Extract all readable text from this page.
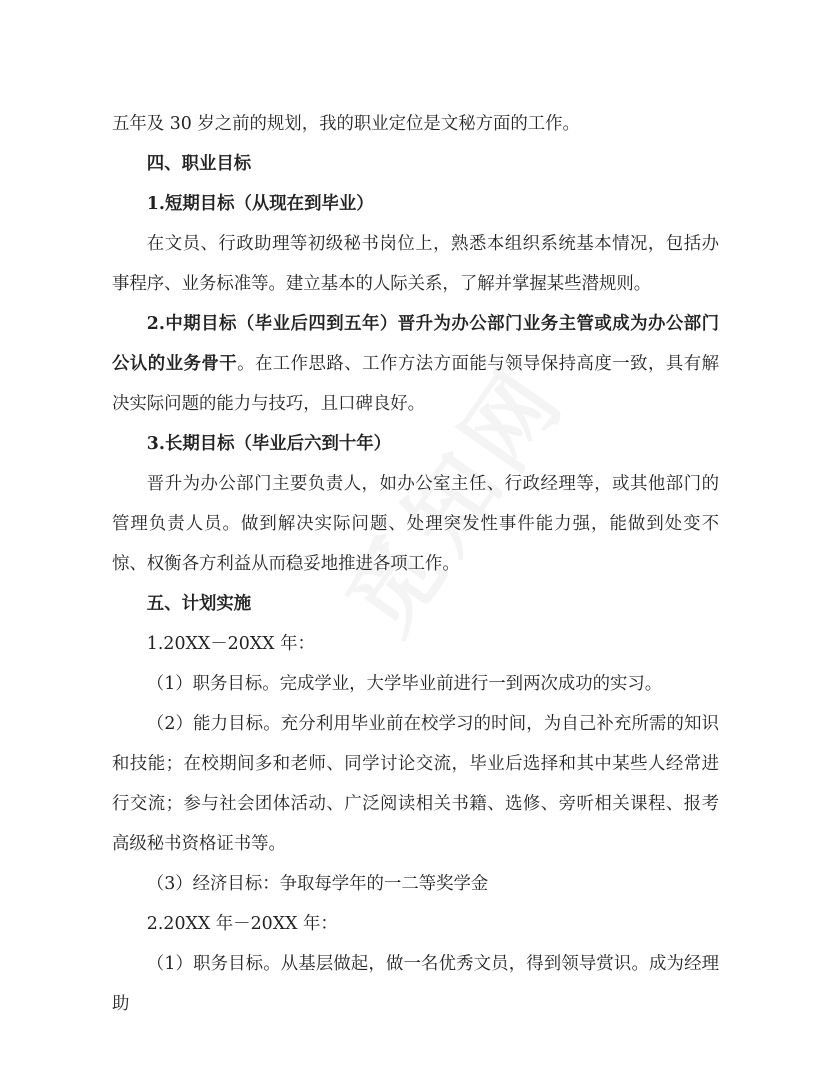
五年及 30 岁之前的规划，我的职业定位是文秘方面的工作。

四、职业目标

1.短期目标（从现在到毕业）

在文员、行政助理等初级秘书岗位上，熟悉本组织系统基本情况，包括办事程序、业务标准等。建立基本的人际关系，了解并掌握某些潜规则。

2.中期目标（毕业后四到五年）晋升为办公部门业务主管或成为办公部门公认的业务骨干。在工作思路、工作方法方面能与领导保持高度一致，具有解决实际问题的能力与技巧，且口碑良好。

3.长期目标（毕业后六到十年）

晋升为办公部门主要负责人，如办公室主任、行政经理等，或其他部门的管理负责人员。做到解决实际问题、处理突发性事件能力强，能做到处变不惊、权衡各方利益从而稳妥地推进各项工作。

五、计划实施

1.20XX－20XX 年：

（1）职务目标。完成学业，大学毕业前进行一到两次成功的实习。

（2）能力目标。充分利用毕业前在校学习的时间，为自己补充所需的知识和技能；在校期间多和老师、同学讨论交流，毕业后选择和其中某些人经常进行交流；参与社会团体活动、广泛阅读相关书籍、选修、旁听相关课程、报考高级秘书资格证书等。

（3）经济目标：争取每学年的一二等奖学金

2.20XX 年－20XX 年：

（1）职务目标。从基层做起，做一名优秀文员，得到领导赏识。成为经理助
